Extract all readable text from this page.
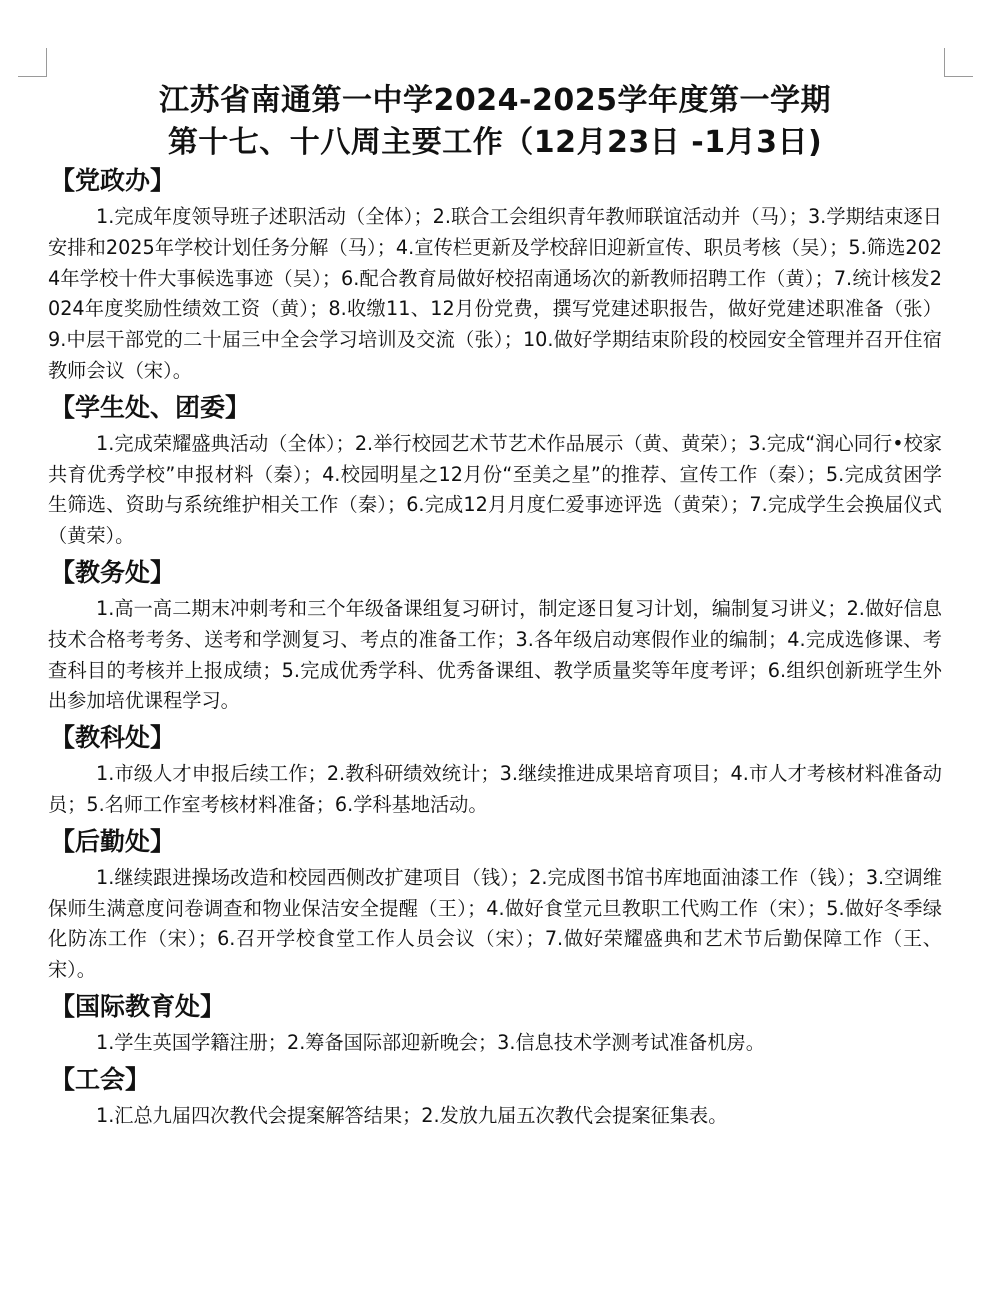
江苏省南通第一中学2024-2025学年度第一学期
第十七、十八周主要工作（12月23日 -1月3日)
【党政办】

1.完成年度领导班子述职活动（全体）；2.联合工会组织青年教师联谊活动并（马）；3.学期结束逐日安排和2025年学校计划任务分解（马）；4.宣传栏更新及学校辞旧迎新宣传、职员考核（吴）；5.筛选2024年学校十件大事候选事迹（吴）；6.配合教育局做好校招南通场次的新教师招聘工作（黄）；7.统计核发2024年度奖励性绩效工资（黄）；8.收缴11、12月份党费，撰写党建述职报告，做好党建述职准备（张）9.中层干部党的二十届三中全会学习培训及交流（张）；10.做好学期结束阶段的校园安全管理并召开住宿教师会议（宋）。

【学生处、团委】

1.完成荣耀盛典活动（全体）；2.举行校园艺术节艺术作品展示（黄、黄荣）；3.完成“润心同行•校家共育优秀学校”申报材料（秦）；4.校园明星之12月份“至美之星”的推荐、宣传工作（秦）；5.完成贫困学生筛选、资助与系统维护相关工作（秦）；6.完成12月月度仁爱事迹评选（黄荣）；7.完成学生会换届仪式（黄荣）。

【教务处】

1.高一高二期末冲刺考和三个年级备课组复习研讨，制定逐日复习计划，编制复习讲义；2.做好信息技术合格考考务、送考和学测复习、考点的准备工作；3.各年级启动寒假作业的编制；4.完成选修课、考查科目的考核并上报成绩；5.完成优秀学科、优秀备课组、教学质量奖等年度考评；6.组织创新班学生外出参加培优课程学习。

【教科处】

1.市级人才申报后续工作；2.教科研绩效统计；3.继续推进成果培育项目；4.市人才考核材料准备动员；5.名师工作室考核材料准备；6.学科基地活动。

【后勤处】

1.继续跟进操场改造和校园西侧改扩建项目（钱）；2.完成图书馆书库地面油漆工作（钱）；3.空调维保师生满意度问卷调查和物业保洁安全提醒（王）；4.做好食堂元旦教职工代购工作（宋）；5.做好冬季绿化防冻工作（宋）；6.召开学校食堂工作人员会议（宋）；7.做好荣耀盛典和艺术节后勤保障工作（王、宋）。

【国际教育处】

1.学生英国学籍注册；2.筹备国际部迎新晚会；3.信息技术学测考试准备机房。

【工会】

1.汇总九届四次教代会提案解答结果；2.发放九届五次教代会提案征集表。
